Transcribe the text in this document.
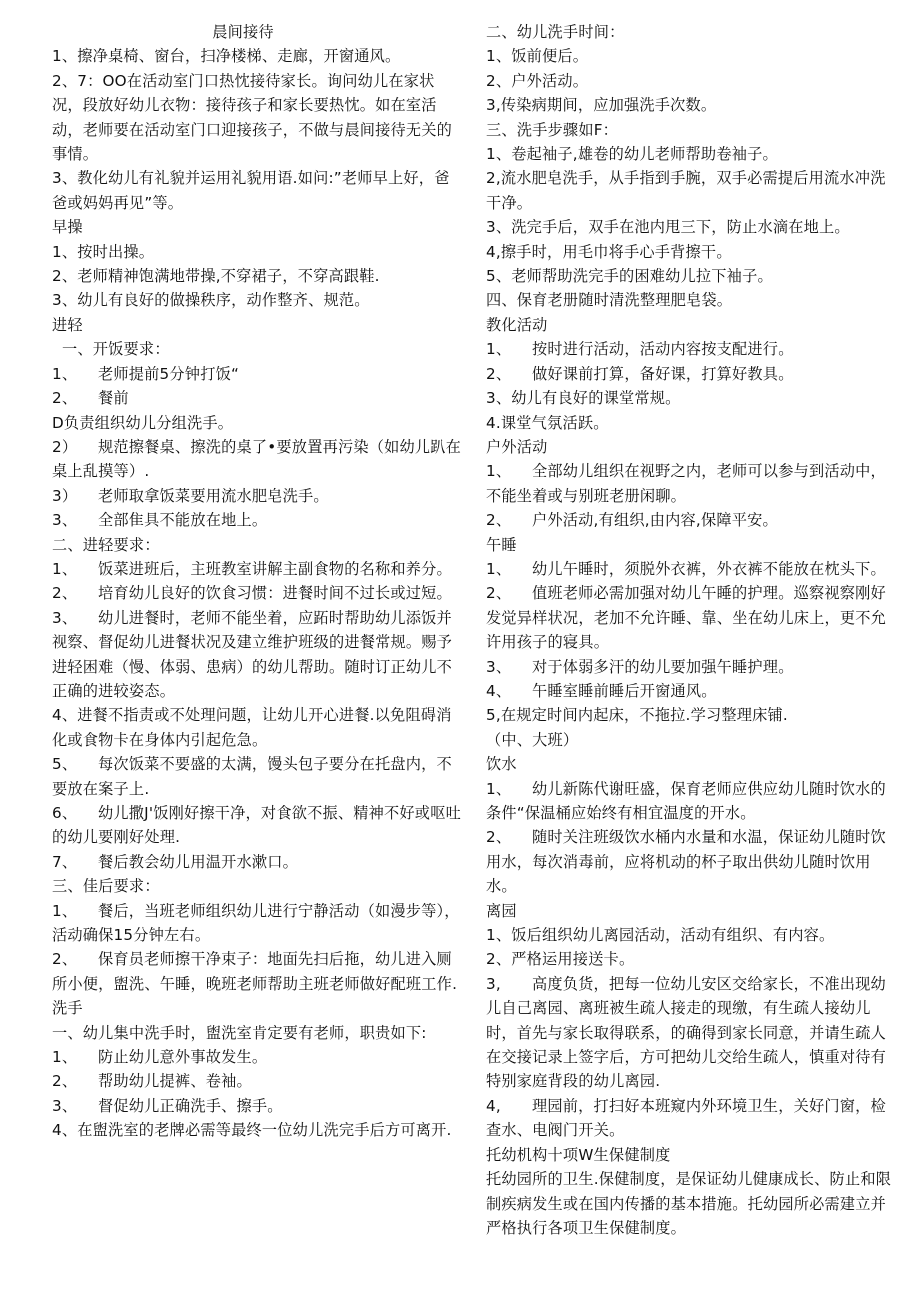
晨间接待

1、擦净桌椅、窗台，扫净楼梯、走廊，开窗通风。

2、7：OO在活动室门口热忱接待家长。询问幼儿在家状况，段放好幼儿衣物：接待孩子和家长要热忱。如在室活动，老师要在活动室门口迎接孩子，不做与晨间接待无关的事情。

3、教化幼儿有礼貌并运用礼貌用语.如问:”老师早上好，爸爸或妈妈再见”等。

早操

1、按时出操。

2、老师精神饱满地带操,不穿裙子，不穿高跟鞋.

3、幼儿有良好的做操秩序，动作整齐、规范。

进轻

一、开饭要求：

1、 老师提前5分钟打饭“

2、 餐前

D负责组织幼儿分组洗手。

2） 规范擦餐桌、擦洗的桌了•要放置再污染（如幼儿趴在桌上乱摸等）.

3） 老师取拿饭菜要用流水肥皂洗手。

3、 全部隹具不能放在地上。

二、进轻要求：

1、 饭菜进班后，主班教室讲解主副食物的名称和养分。

2、 培育幼儿良好的饮食习惯：进餐时间不过长或过短。

3、 幼儿进餐时，老师不能坐着，应跖时帮助幼儿添饭并视察、督促幼儿进餐状况及建立维护班级的进餐常规。赐予进轻困难（慢、体弱、患病）的幼儿帮助。随时订正幼儿不正确的进较姿态。

4、进餐不指责或不处理问题，让幼儿开心进餐.以免阻碍消化或食物卡在身体内引起危急。

5、 每次饭菜不要盛的太满，馒头包子要分在托盘内，不要放在案子上.

6、 幼儿撒J'饭刚好擦干净，对食欲不振、精神不好或呕吐的幼儿要刚好处理.

7、 餐后教会幼儿用温开水漱口。

三、佳后要求：

1、 餐后，当班老师组织幼儿进行宁静活动（如漫步等），活动确保15分钟左右。

2、 保育员老师擦干净束子：地面先扫后拖，幼儿进入厕所小便，盥洗、午睡，晚班老师帮助主班老师做好配班工作.

洗手

一、幼儿集中洗手时，盥洗室肯定要有老师，职贵如下:

1、 防止幼儿意外事故发生。

2、 帮助幼儿提裤、卷袖。

3、 督促幼儿正确洗手、擦手。

4、在盥洗室的老牌必需等最终一位幼儿洗完手后方可离开.

二、幼儿洗手时间：

1、饭前便后。

2、户外活动。

3,传染病期间，应加强洗手次数。

三、洗手步骤如F：

1、卷起袖子,雄卷的幼儿老师帮助卷袖子。

2,流水肥皂洗手，从手指到手腕，双手必需提后用流水冲洗干净。

3、洗完手后，双手在池内甩三下，防止水滴在地上。

4,擦手时，用毛巾将手心手背擦干。

5、老师帮助洗完手的困难幼儿拉下袖子。

四、保育老册随时清洗整理肥皂袋。

教化活动

1、 按时进行活动，活动内容按支配进行。

2、 做好课前打算，备好课，打算好教具。

3、幼儿有良好的课堂常规。

4.课堂气氛活跃。

户外活动

1、 全部幼儿组织在视野之内，老师可以参与到活动中，不能坐着或与别班老册闲聊。

2、 户外活动,有组织,由内容,保障平安。

午睡

1、 幼儿午睡时，须脱外衣裤，外衣裤不能放在枕头下。

2、 值班老师必需加强对幼儿午睡的护理。巡察视察刚好发觉异样状况，老加不允许睡、靠、坐在幼儿床上，更不允许用孩子的寝具。

3、 对于体弱多汗的幼儿要加强午睡护理。

4、 午睡室睡前睡后开窗通风。

5,在规定时间内起床，不拖拉.学习整理床铺.

（中、大班）

饮水

1、 幼儿新陈代谢旺盛，保育老师应供应幼儿随时饮水的条件“保温桶应始终有相宜温度的开水。

2、 随时关注班级饮水桶内水量和水温，保证幼儿随时饮用水，每次消毒前，应将机动的杯子取出供幼儿随时饮用水。

离园

1、饭后组织幼儿离园活动，活动有组织、有内容。

2、严格运用接送卡。

3, 高度负货，把每一位幼儿安区交给家长，不准出现幼儿自己离园、离班被生疏人接走的现缴，有生疏人接幼儿时，首先与家长取得联系，的确得到家长同意，并请生疏人在交接记录上签字后，方可把幼儿交给生疏人，慎重对待有特别家庭背段的幼儿离园.

4, 理园前，打扫好本班窥内外环境卫生，关好门窗，检查水、电阀门开关。

托幼机构十项W生保健制度

托幼园所的卫生.保健制度，是保证幼儿健康成长、防止和限制疾病发生或在国内传播的基本措施。托幼园所必需建立并严格执行各项卫生保健制度。
